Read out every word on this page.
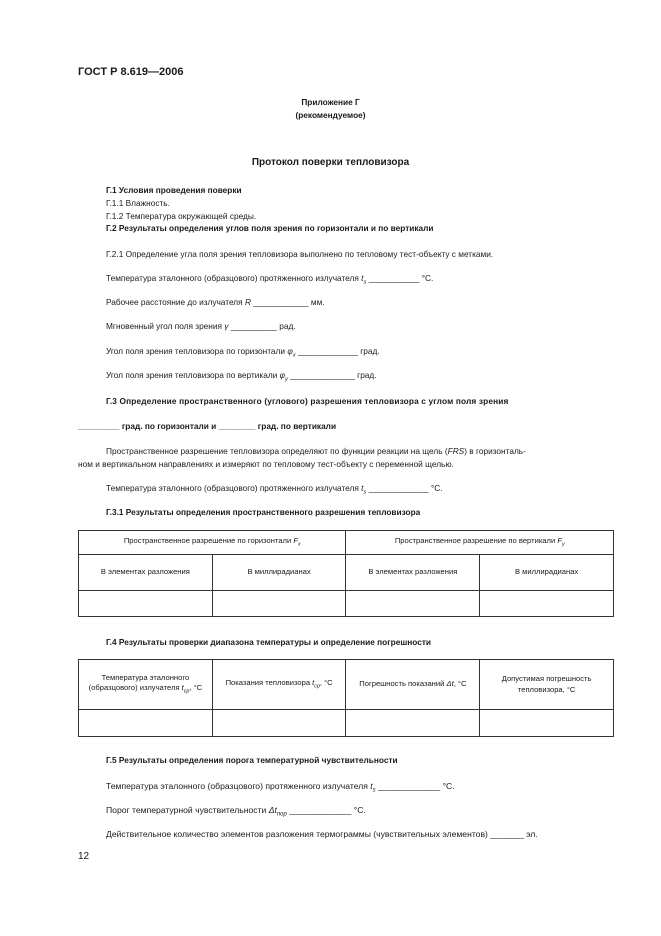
ГОСТ Р 8.619—2006
Приложение Г
(рекомендуемое)
Протокол поверки тепловизора
Г.1 Условия проведения поверки
Г.1.1 Влажность.
Г.1.2 Температура окружающей среды.
Г.2 Результаты определения углов поля зрения по горизонтали и по вертикали
Г.2.1 Определение угла поля зрения тепловизора выполнено по тепловому тест-объекту с метками.
Температура эталонного (образцового) протяженного излучателя $t_s$ ___________ °С.
Рабочее расстояние до излучателя R ____________ мм.
Мгновенный угол поля зрения γ __________ рад.
Угол поля зрения тепловизора по горизонтали $\varphi_x$ _____________ град.
Угол поля зрения тепловизора по вертикали $\varphi_y$ ______________ град.
Г.3 Определение пространственного (углового) разрешения тепловизора с углом поля зрения
_________ град. по горизонтали и ________ град. по вертикали
Пространственное разрешение тепловизора определяют по функции реакции на щель (FRS) в горизонталь-
ном и вертикальном направлениях и измеряют по тепловому тест-объекту с переменной щелью.
Температура эталонного (образцового) протяженного излучателя $t_s$ _____________ °С.
Г.3.1 Результаты определения пространственного разрешения тепловизора
Пространственное разрешение по горизонтали $F_x$		Пространственное разрешение по вертикали $F_y$
В элементах разложения	В миллирадианах	В элементах разложения	В миллирадианах

Г.4 Результаты проверки диапазона температуры и определение погрешности
Температура эталонного (образцового) излучателя $t_{ср}$, °С	Показания тепловизора $t_{ср}$, °С	Погрешность показаний Δt, °С	Допустимая погрешность тепловизора, °С

Г.5 Результаты определения порога температурной чувствительности
Температура эталонного (образцового) протяженного излучателя $t_s$ _____________ °С.
Порог температурной чувствительности $\Delta t_{пор}$ _____________ °С.
Действительное количество элементов разложения термограммы (чувствительных элементов) _______ эл.
12
